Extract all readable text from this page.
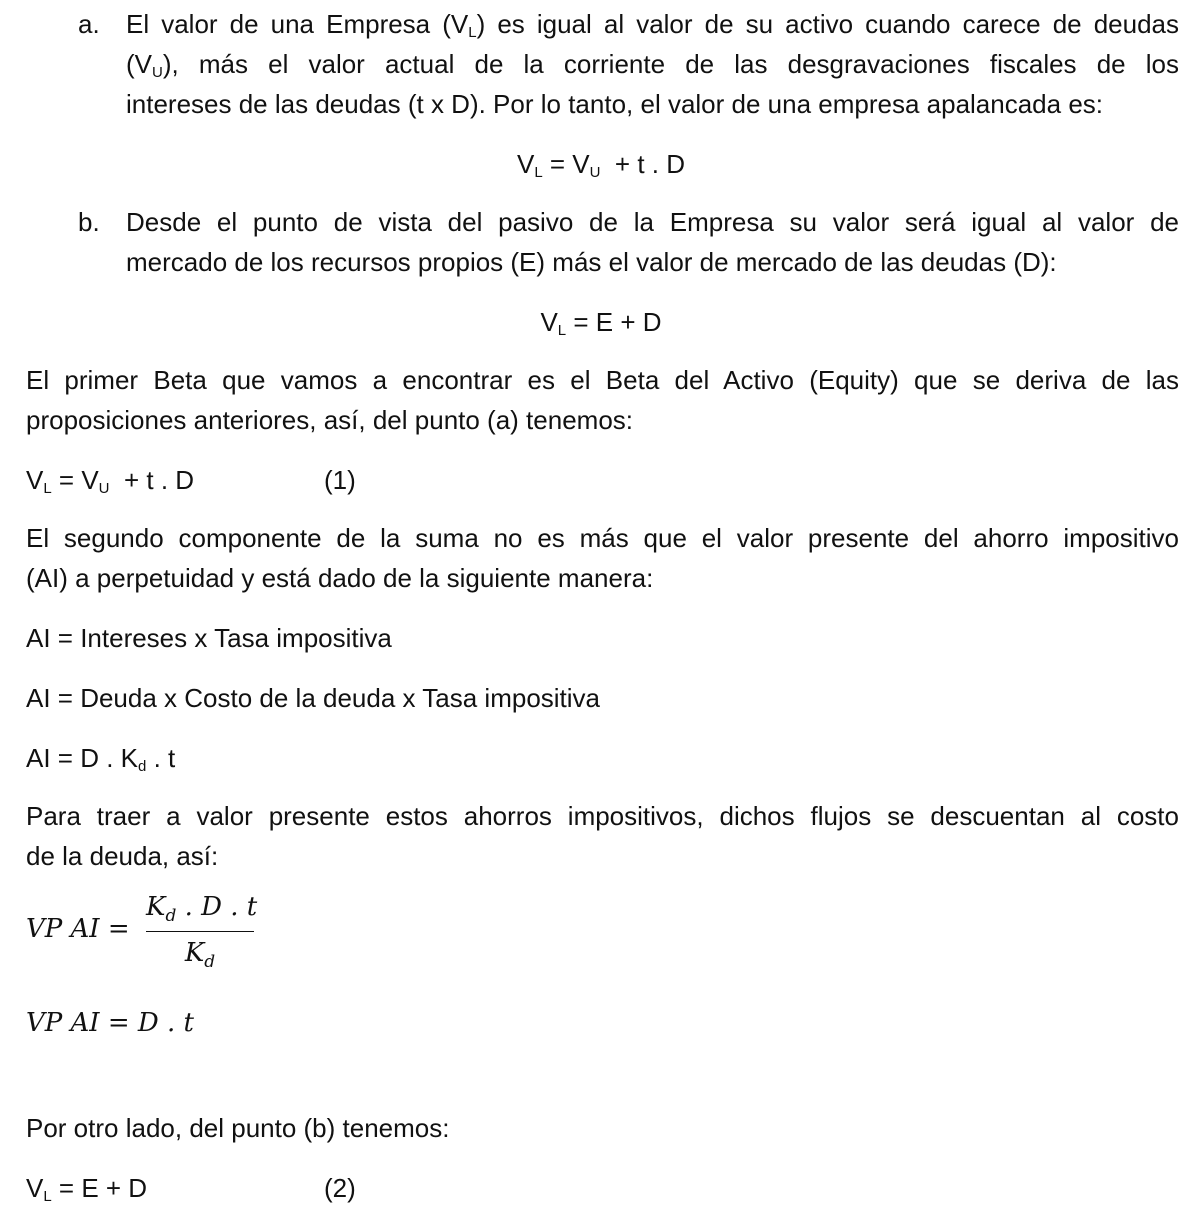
a. El valor de una Empresa $(V_L)$ es igual al valor de su activo cuando carece de deudas
$(V_U)$, más el valor actual de la corriente de las desgravaciones fiscales de los
intereses de las deudas (t x D). Por lo tanto, el valor de una empresa apalancada es:
$V_L = V_U + t$ . D
b. Desde el punto de vista del pasivo de la Empresa su valor será igual al valor de
mercado de los recursos propios (E) más el valor de mercado de las deudas (D):
$V_L = E + D$
El primer Beta que vamos a encontrar es el Beta del Activo (Equity) que se deriva de las
proposiciones anteriores, así, del punto (a) tenemos:
$V_L = V_U + t$ . D	(1)
El segundo componente de la suma no es más que el valor presente del ahorro impositivo
(AI) a perpetuidad y está dado de la siguiente manera:
AI = Intereses x Tasa impositiva
AI = Deuda x Costo de la deuda x Tasa impositiva
AI = D . $K_d$ . t
Para traer a valor presente estos ahorros impositivos, dichos flujos se descuentan al costo
de la deuda, así:
VP AI =
$K_d$ . D . t
$K_d$
VP AI = D . t
Por otro lado, del punto (b) tenemos:
$V_L = E + D$	(2)
